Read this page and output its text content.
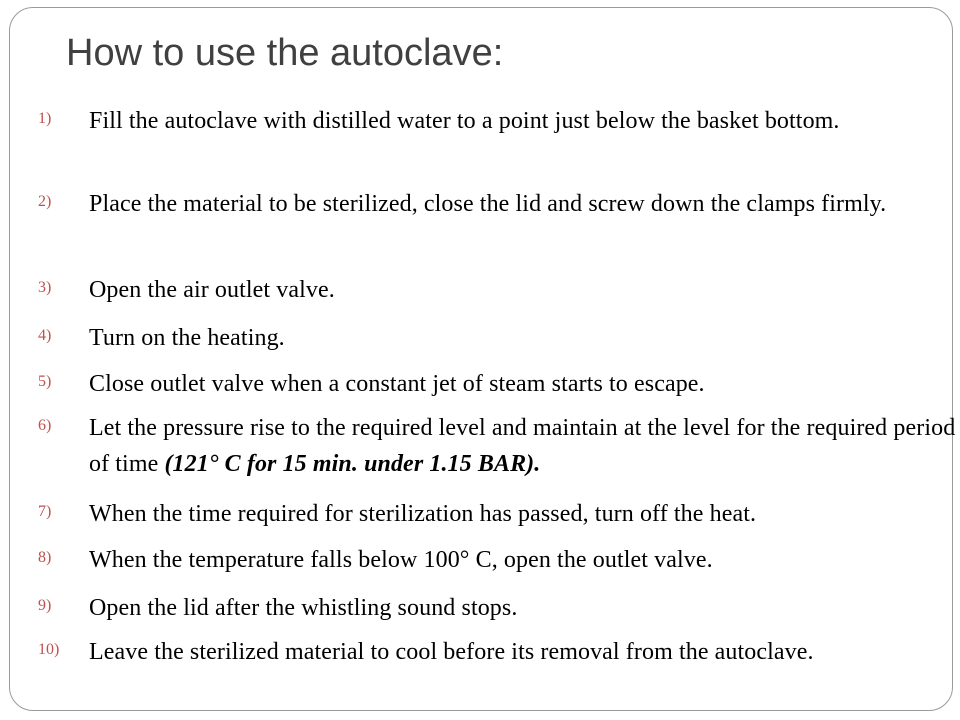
How to use the autoclave:
1) Fill the autoclave with distilled water to a point just below the basket bottom.
2) Place the material to be sterilized, close the lid and screw down the clamps firmly.
3) Open the air outlet valve.
4) Turn on the heating.
5) Close outlet valve when a constant jet of steam starts to escape.
6) Let the pressure rise to the required level and maintain at the level for the required period of time (121° C for 15 min. under 1.15 BAR).
7) When the time required for sterilization has passed, turn off the heat.
8) When the temperature falls below 100° C, open the outlet valve.
9) Open the lid after the whistling sound stops.
10) Leave the sterilized material to cool before its removal from the autoclave.
